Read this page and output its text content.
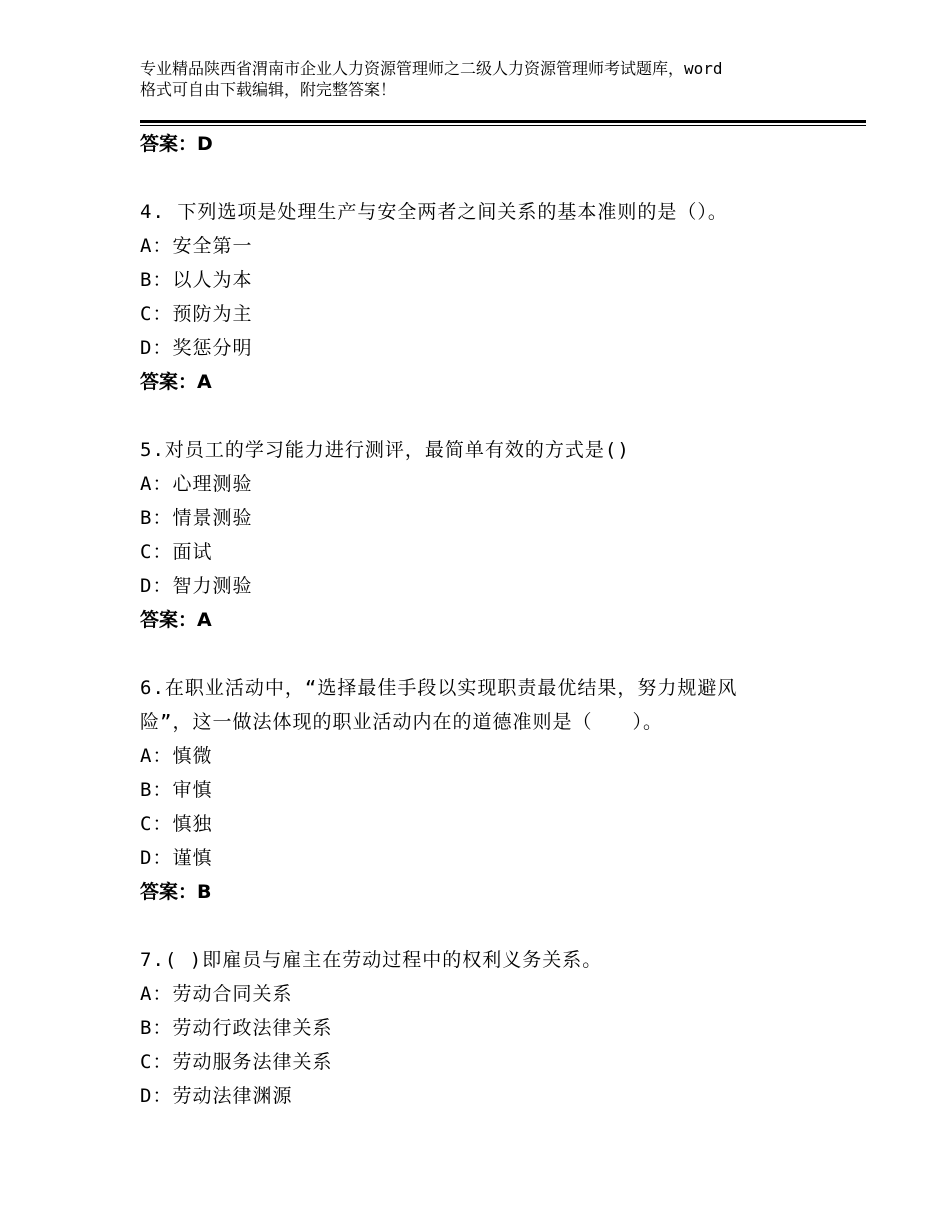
专业精品陕西省渭南市企业人力资源管理师之二级人力资源管理师考试题库，word
格式可自由下载编辑，附完整答案！
答案：D
4. 下列选项是处理生产与安全两者之间关系的基本准则的是（）。
A：安全第一
B：以人为本
C：预防为主
D：奖惩分明
答案：A
5.对员工的学习能力进行测评，最简单有效的方式是()
A：心理测验
B：情景测验
C：面试
D：智力测验
答案：A
6.在职业活动中，“选择最佳手段以实现职责最优结果，努力规避风
险”，这一做法体现的职业活动内在的道德准则是（　　）。
A：慎微
B：审慎
C：慎独
D：谨慎
答案：B
7.( )即雇员与雇主在劳动过程中的权利义务关系。
A：劳动合同关系
B：劳动行政法律关系
C：劳动服务法律关系
D：劳动法律渊源
